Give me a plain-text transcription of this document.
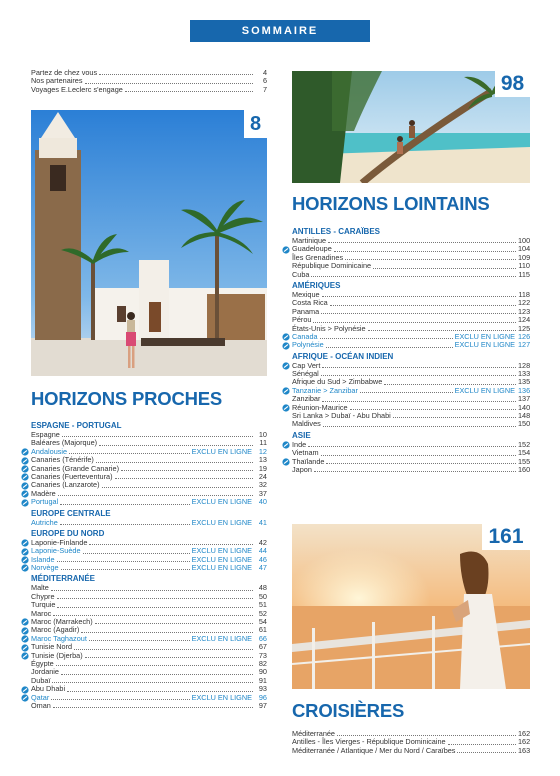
SOMMAIRE
Partez de chez vous	4
Nos partenaires	6
Voyages E.Leclerc s'engage	7
8
HORIZONS PROCHES
ESPAGNE - PORTUGAL
Espagne	10
Baléares (Majorque)	11
Andalousie	EXCLU EN LIGNE 12
Canaries (Ténérife)	13
Canaries (Grande Canarie)	19
Canaries (Fuerteventura)	24
Canaries (Lanzarote)	32
Madère	37
Portugal	EXCLU EN LIGNE 40
EUROPE CENTRALE
Autriche	EXCLU EN LIGNE 41
EUROPE DU NORD
Laponie-Finlande	42
Laponie-Suède	EXCLU EN LIGNE 44
Islande	EXCLU EN LIGNE 46
Norvège	EXCLU EN LIGNE 47
MÉDITERRANÉE
Malte	48
Chypre	50
Turquie	51
Maroc	52
Maroc (Marrakech)	54
Maroc (Agadir)	61
Maroc Taghazout	EXCLU EN LIGNE 66
Tunisie Nord	67
Tunisie (Djerba)	73
Égypte	82
Jordanie	90
Dubaï	91
Abu Dhabi	93
Qatar	EXCLU EN LIGNE 96
Oman	97
98
HORIZONS LOINTAINS
ANTILLES - CARAÏBES
Martinique	100
Guadeloupe	104
Îles Grenadines	109
République Dominicaine	110
Cuba	115
AMÉRIQUES
Mexique	118
Costa Rica	122
Panama	123
Pérou	124
États-Unis > Polynésie	125
Canada	EXCLU EN LIGNE 126
Polynésie	EXCLU EN LIGNE 127
AFRIQUE - OCÉAN INDIEN
Cap Vert	128
Sénégal	133
Afrique du Sud > Zimbabwe	135
Tanzanie > Zanzibar	EXCLU EN LIGNE 136
Zanzibar	137
Réunion-Maurice	140
Sri Lanka > Dubaï - Abu Dhabi	148
Maldives	150
ASIE
Inde	152
Vietnam	154
Thaïlande	155
Japon	160
161
CROISIÈRES
Méditerranée	162
Antilles - Îles Vierges - République Dominicaine	162
Méditerranée / Atlantique / Mer du Nord / Caraïbes	163
